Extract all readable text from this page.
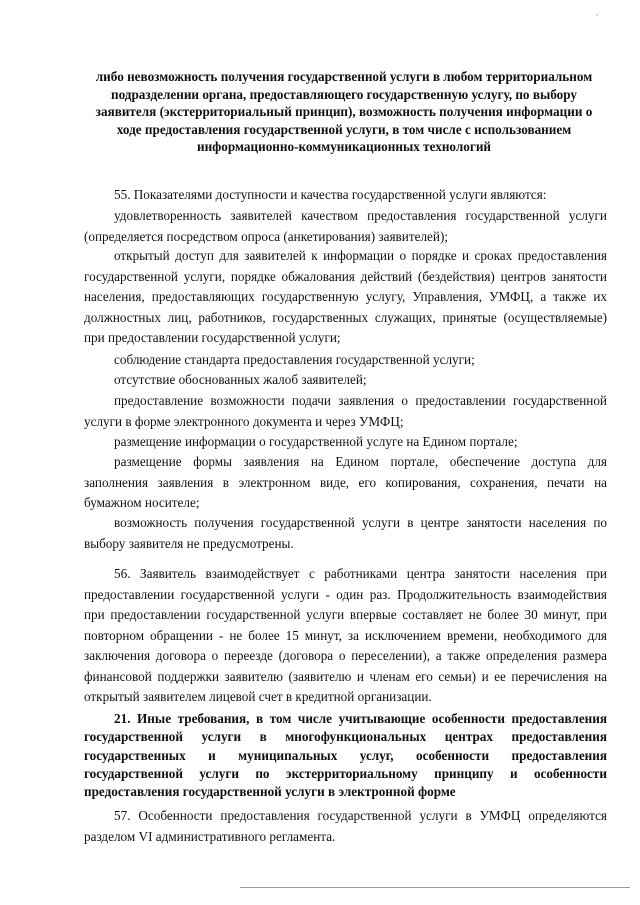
'
либо невозможность получения государственной услуги в любом территориальном подразделении органа, предоставляющего государственную услугу, по выбору заявителя (экстерриториальный принцип), возможность получения информации о ходе предоставления государственной услуги, в том числе с использованием информационно-коммуникационных технологий

55. Показателями доступности и качества государственной услуги являются:

удовлетворенность заявителей качеством предоставления государственной услуги (определяется посредством опроса (анкетирования) заявителей);

открытый доступ для заявителей к информации о порядке и сроках предоставления государственной услуги, порядке обжалования действий (бездействия) центров занятости населения, предоставляющих государственную услугу, Управления, УМФЦ, а также их должностных лиц, работников, государственных служащих, принятые (осуществляемые) при предоставлении государственной услуги;

соблюдение стандарта предоставления государственной услуги;

отсутствие обоснованных жалоб заявителей;

предоставление возможности подачи заявления о предоставлении государственной услуги в форме электронного документа и через УМФЦ;

размещение информации о государственной услуге на Едином портале;

размещение формы заявления на Едином портале, обеспечение доступа для заполнения заявления в электронном виде, его копирования, сохранения, печати на бумажном носителе;

возможность получения государственной услуги в центре занятости населения по выбору заявителя не предусмотрены.

56. Заявитель взаимодействует с работниками центра занятости населения при предоставлении государственной услуги - один раз. Продолжительность взаимодействия при предоставлении государственной услуги впервые составляет не более 30 минут, при повторном обращении - не более 15 минут, за исключением времени, необходимого для заключения договора о переезде (договора о переселении), а также определения размера финансовой поддержки заявителю (заявителю и членам его семьи) и ее перечисления на открытый заявителем лицевой счет в кредитной организации.

21. Иные требования, в том числе учитывающие особенности предоставления государственной услуги в многофункциональных центрах предоставления государственных и муниципальных услуг, особенности предоставления государственной услуги по экстерриториальному принципу и особенности предоставления государственной услуги в электронной форме

57. Особенности предоставления государственной услуги в УМФЦ определяются разделом VI административного регламента.
